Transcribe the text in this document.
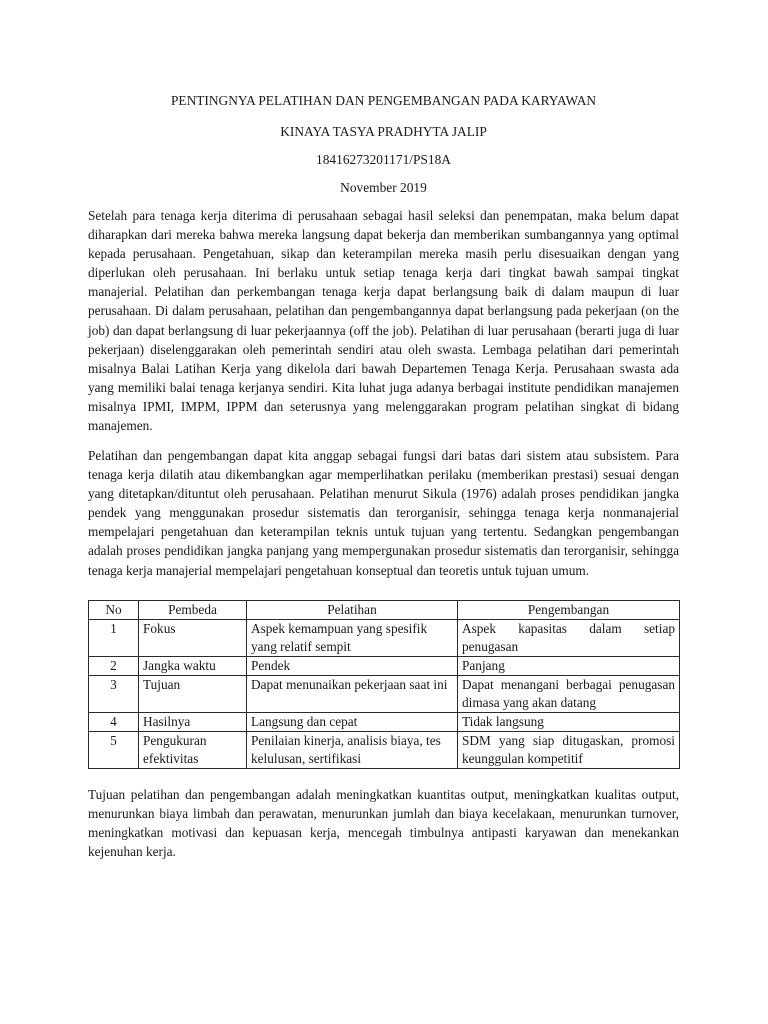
PENTINGNYA PELATIHAN DAN PENGEMBANGAN PADA KARYAWAN

KINAYA TASYA PRADHYTA JALIP

18416273201171/PS18A

November 2019

Setelah para tenaga kerja diterima di perusahaan sebagai hasil seleksi dan penempatan, maka belum dapat diharapkan dari mereka bahwa mereka langsung dapat bekerja dan memberikan sumbangannya yang optimal kepada perusahaan. Pengetahuan, sikap dan keterampilan mereka masih perlu disesuaikan dengan yang diperlukan oleh perusahaan. Ini berlaku untuk setiap tenaga kerja dari tingkat bawah sampai tingkat manajerial. Pelatihan dan perkembangan tenaga kerja dapat berlangsung baik di dalam maupun di luar perusahaan. Di dalam perusahaan, pelatihan dan pengembangannya dapat berlangsung pada pekerjaan (on the job) dan dapat berlangsung di luar pekerjaannya (off the job). Pelatihan di luar perusahaan (berarti juga di luar pekerjaan) diselenggarakan oleh pemerintah sendiri atau oleh swasta. Lembaga pelatihan dari pemerintah misalnya Balai Latihan Kerja yang dikelola dari bawah Departemen Tenaga Kerja. Perusahaan swasta ada yang memiliki balai tenaga kerjanya sendiri. Kita luhat juga adanya berbagai institute pendidikan manajemen misalnya IPMI, IMPM, IPPM dan seterusnya yang melenggarakan program pelatihan singkat di bidang manajemen.

Pelatihan dan pengembangan dapat kita anggap sebagai fungsi dari batas dari sistem atau subsistem. Para tenaga kerja dilatih atau dikembangkan agar memperlihatkan perilaku (memberikan prestasi) sesuai dengan yang ditetapkan/dituntut oleh perusahaan. Pelatihan menurut Sikula (1976) adalah proses pendidikan jangka pendek yang menggunakan prosedur sistematis dan terorganisir, sehingga tenaga kerja nonmanajerial mempelajari pengetahuan dan keterampilan teknis untuk tujuan yang tertentu. Sedangkan pengembangan adalah proses pendidikan jangka panjang yang mempergunakan prosedur sistematis dan terorganisir, sehingga tenaga kerja manajerial mempelajari pengetahuan konseptual dan teoretis untuk tujuan umum.

No	Pembeda	Pelatihan	Pengembangan
1	Fokus	Aspek kemampuan yang spesifik yang relatif sempit	Aspek kapasitas dalam setiap penugasan
2	Jangka waktu	Pendek	Panjang
3	Tujuan	Dapat menunaikan pekerjaan saat ini	Dapat menangani berbagai penugasan dimasa yang akan datang
4	Hasilnya	Langsung dan cepat	Tidak langsung
5	Pengukuran efektivitas	Penilaian kinerja, analisis biaya, tes kelulusan, sertifikasi	SDM yang siap ditugaskan, promosi keunggulan kompetitif

Tujuan pelatihan dan pengembangan adalah meningkatkan kuantitas output, meningkatkan kualitas output, menurunkan biaya limbah dan perawatan, menurunkan jumlah dan biaya kecelakaan, menurunkan turnover, meningkatkan motivasi dan kepuasan kerja, mencegah timbulnya antipasti karyawan dan menekankan kejenuhan kerja.
